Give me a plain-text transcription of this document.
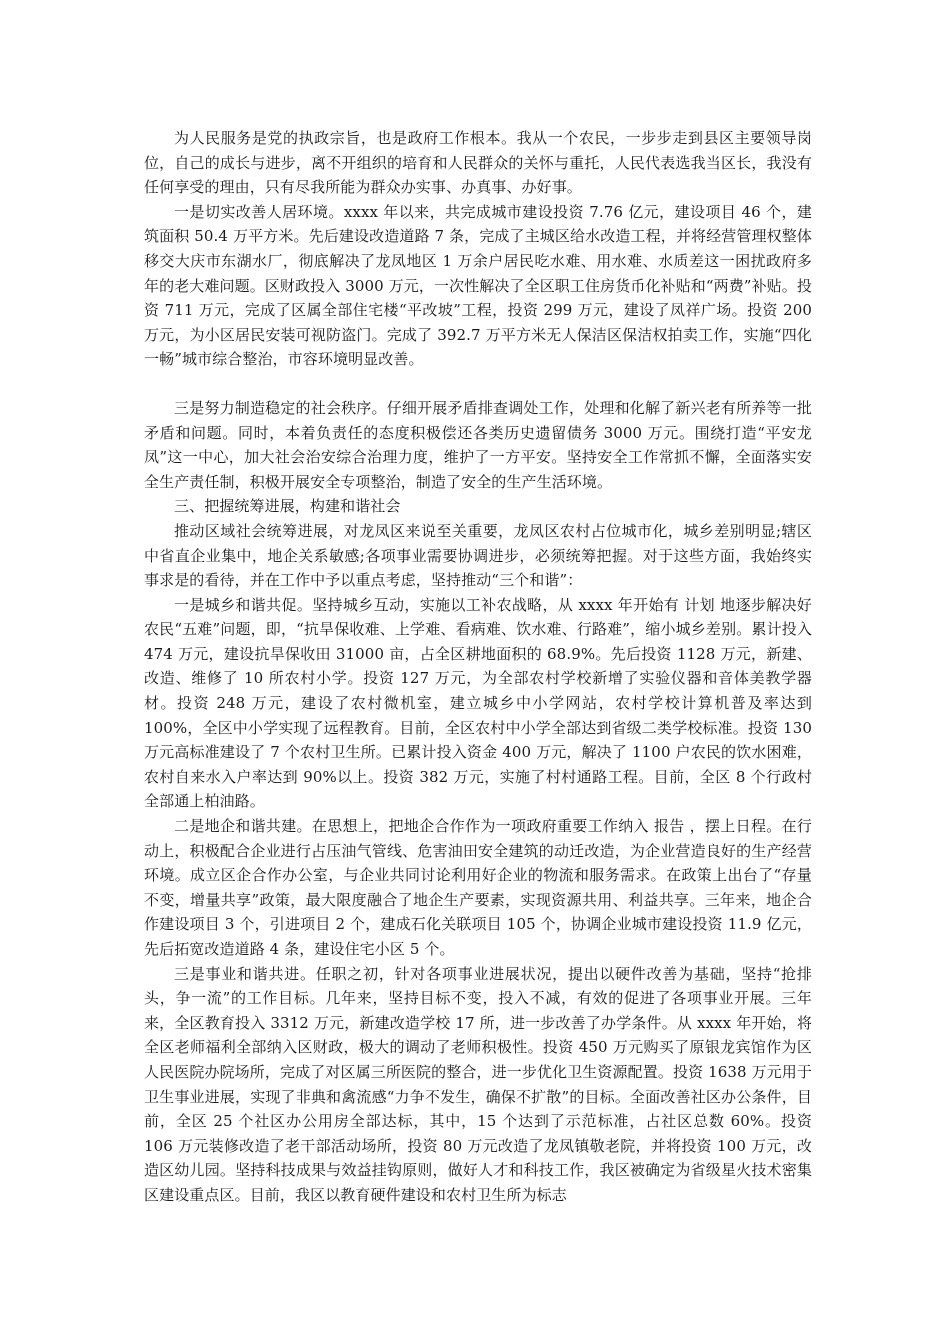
为人民服务是党的执政宗旨，也是政府工作根本。我从一个农民，一步步走到县区主要领导岗位，自己的成长与进步，离不开组织的培育和人民群众的关怀与重托，人民代表选我当区长，我没有任何享受的理由，只有尽我所能为群众办实事、办真事、办好事。

一是切实改善人居环境。xxxx 年以来，共完成城市建设投资 7.76 亿元，建设项目 46 个，建筑面积 50.4 万平方米。先后建设改造道路 7 条，完成了主城区给水改造工程，并将经营管理权整体移交大庆市东湖水厂，彻底解决了龙凤地区 1 万余户居民吃水难、用水难、水质差这一困扰政府多年的老大难问题。区财政投入 3000 万元，一次性解决了全区职工住房货币化补贴和“两费”补贴。投资 711 万元，完成了区属全部住宅楼“平改坡”工程，投资 299 万元，建设了凤祥广场。投资 200 万元，为小区居民安装可视防盗门。完成了 392.7 万平方米无人保洁区保洁权拍卖工作，实施“四化一畅”城市综合整治，市容环境明显改善。

三是努力制造稳定的社会秩序。仔细开展矛盾排查调处工作，处理和化解了新兴老有所养等一批矛盾和问题。同时，本着负责任的态度积极偿还各类历史遗留债务 3000 万元。围绕打造“平安龙凤”这一中心，加大社会治安综合治理力度，维护了一方平安。坚持安全工作常抓不懈，全面落实安全生产责任制，积极开展安全专项整治，制造了安全的生产生活环境。

三、把握统筹进展，构建和谐社会

推动区域社会统筹进展，对龙凤区来说至关重要，龙凤区农村占位城市化，城乡差别明显;辖区中省直企业集中，地企关系敏感;各项事业需要协调进步，必须统筹把握。对于这些方面，我始终实事求是的看待，并在工作中予以重点考虑，坚持推动“三个和谐”：

一是城乡和谐共促。坚持城乡互动，实施以工补农战略，从 xxxx 年开始有 计划 地逐步解决好农民“五难”问题，即，“抗旱保收难、上学难、看病难、饮水难、行路难”，缩小城乡差别。累计投入 474 万元，建设抗旱保收田 31000 亩，占全区耕地面积的 68.9%。先后投资 1128 万元，新建、改造、维修了 10 所农村小学。投资 127 万元，为全部农村学校新增了实验仪器和音体美教学器材。投资 248 万元，建设了农村微机室，建立城乡中小学网站，农村学校计算机普及率达到 100%，全区中小学实现了远程教育。目前，全区农村中小学全部达到省级二类学校标准。投资 130 万元高标准建设了 7 个农村卫生所。已累计投入资金 400 万元，解决了 1100 户农民的饮水困难，农村自来水入户率达到 90%以上。投资 382 万元，实施了村村通路工程。目前，全区 8 个行政村全部通上柏油路。

二是地企和谐共建。在思想上，把地企合作作为一项政府重要工作纳入 报告 ，摆上日程。在行动上，积极配合企业进行占压油气管线、危害油田安全建筑的动迁改造，为企业营造良好的生产经营环境。成立区企合作办公室，与企业共同讨论利用好企业的物流和服务需求。在政策上出台了“存量不变，增量共享”政策，最大限度融合了地企生产要素，实现资源共用、利益共享。三年来，地企合作建设项目 3 个，引进项目 2 个，建成石化关联项目 105 个，协调企业城市建设投资 11.9 亿元，先后拓宽改造道路 4 条，建设住宅小区 5 个。

三是事业和谐共进。任职之初，针对各项事业进展状况，提出以硬件改善为基础，坚持“抢排头，争一流”的工作目标。几年来，坚持目标不变，投入不减，有效的促进了各项事业开展。三年来，全区教育投入 3312 万元，新建改造学校 17 所，进一步改善了办学条件。从 xxxx 年开始，将全区老师福利全部纳入区财政，极大的调动了老师积极性。投资 450 万元购买了原银龙宾馆作为区人民医院办院场所，完成了对区属三所医院的整合，进一步优化卫生资源配置。投资 1638 万元用于卫生事业进展，实现了非典和禽流感“力争不发生，确保不扩散”的目标。全面改善社区办公条件，目前，全区 25 个社区办公用房全部达标，其中，15 个达到了示范标准，占社区总数 60%。投资 106 万元装修改造了老干部活动场所，投资 80 万元改造了龙凤镇敬老院，并将投资 100 万元，改造区幼儿园。坚持科技成果与效益挂钩原则，做好人才和科技工作，我区被确定为省级星火技术密集区建设重点区。目前，我区以教育硬件建设和农村卫生所为标志
